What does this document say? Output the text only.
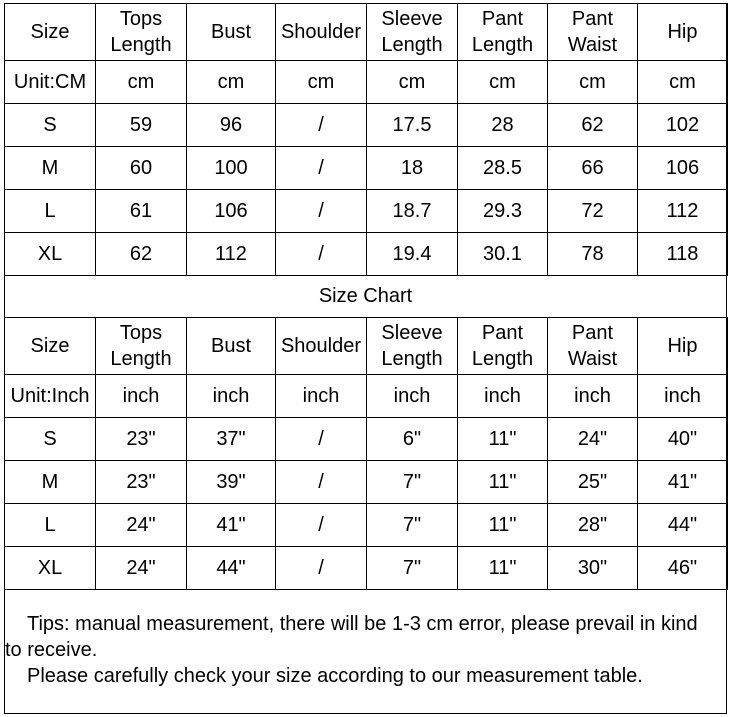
Size	Tops Length	Bust	Shoulder	Sleeve Length	Pant Length	Pant Waist	Hip
Unit:CM	cm	cm	cm	cm	cm	cm	cm
S	59	96	/	17.5	28	62	102
M	60	100	/	18	28.5	66	106
L	61	106	/	18.7	29.3	72	112
XL	62	112	/	19.4	30.1	78	118
Size Chart
Size	Tops Length	Bust	Shoulder	Sleeve Length	Pant Length	Pant Waist	Hip
Unit:Inch	inch	inch	inch	inch	inch	inch	inch
S	23"	37"	/	6"	11"	24"	40"
M	23"	39"	/	7"	11"	25"	41"
L	24"	41"	/	7"	11"	28"	44"
XL	24"	44"	/	7"	11"	30"	46"

Tips: manual measurement, there will be 1-3 cm error, please prevail in kind

to receive.

Please carefully check your size according to our measurement table.
